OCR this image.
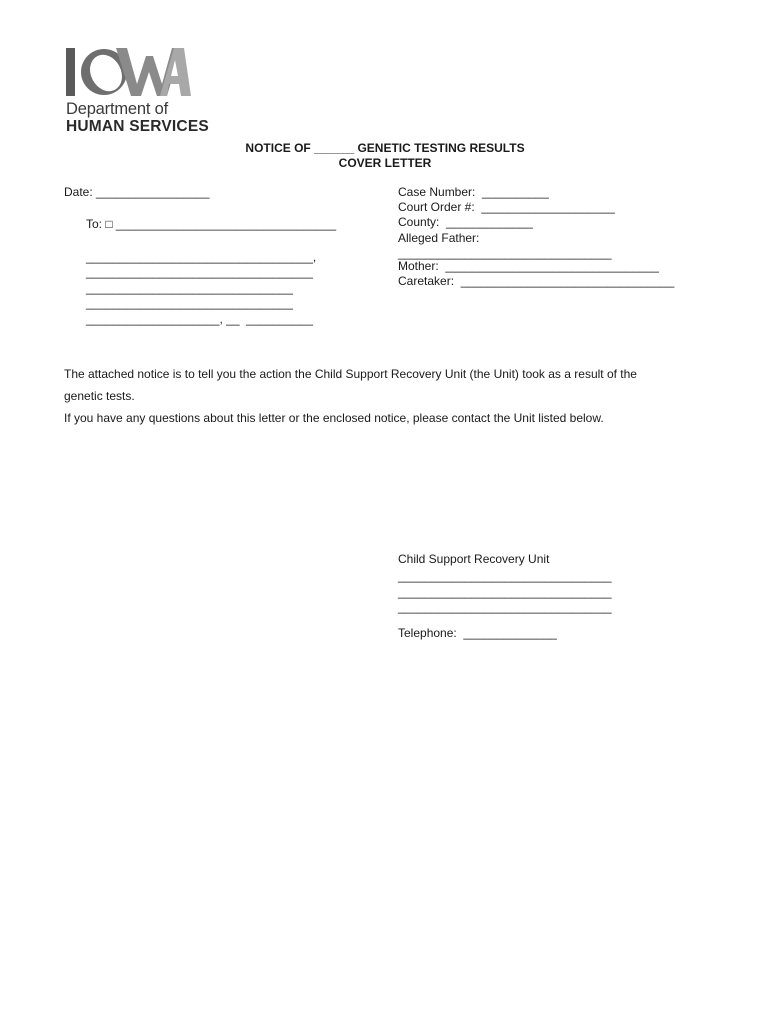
Department of
HUMAN SERVICES
NOTICE OF ______ GENETIC TESTING RESULTS
COVER LETTER
Date: _________________
To: □ _________________________________
__________________________________,
__________________________________
_______________________________
_______________________________
____________________, __  __________
Case Number:  __________
Court Order #:  ____________________
County:  _____________
Alleged Father:
________________________________
Mother:  ________________________________
Caretaker:  ________________________________
The attached notice is to tell you the action the Child Support Recovery Unit (the Unit) took as a result of the
genetic tests.
If you have any questions about this letter or the enclosed notice, please contact the Unit listed below.
Child Support Recovery Unit
________________________________
________________________________
________________________________
Telephone:  ______________
